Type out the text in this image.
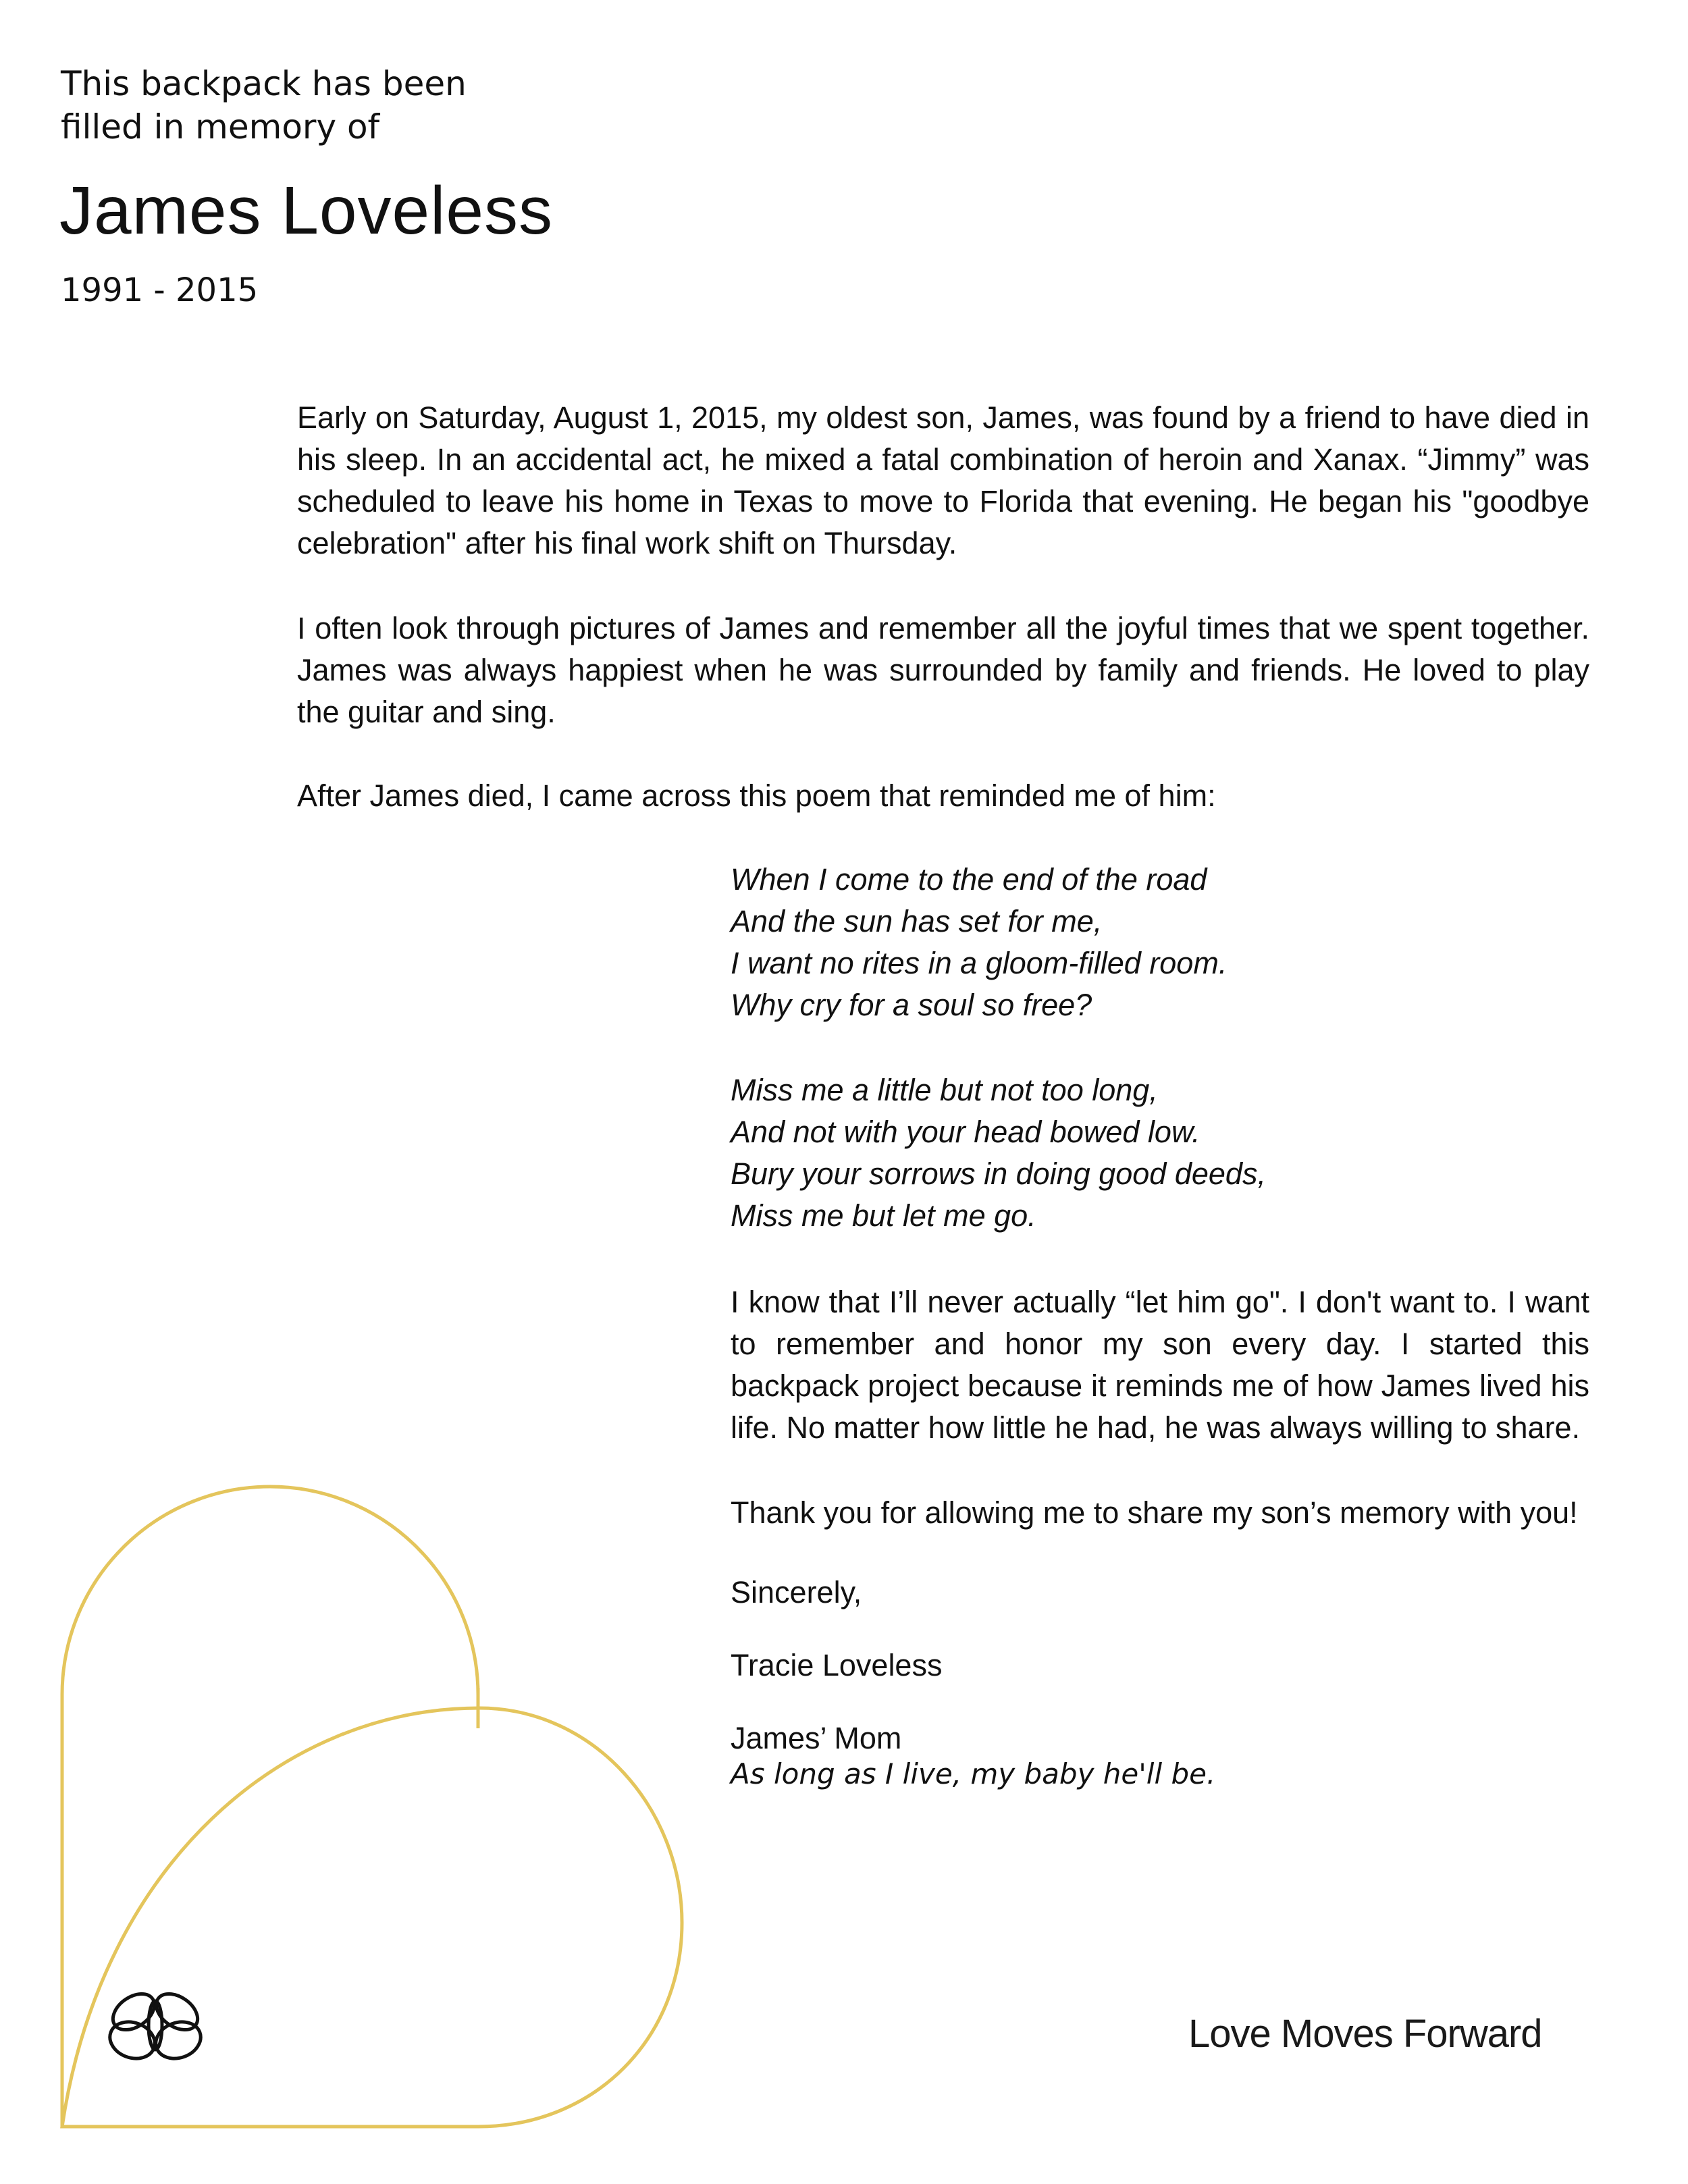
This backpack has been
filled in memory of
James Loveless
1991 - 2015

Early on Saturday, August 1, 2015, my oldest son, James, was found by a friend to have died in his sleep. In an accidental act, he mixed a fatal combination of heroin and Xanax. “Jimmy” was scheduled to leave his home in Texas to move to Florida that evening. He began his "goodbye celebration" after his final work shift on Thursday.

I often look through pictures of James and remember all the joyful times that we spent together. James was always happiest when he was surrounded by family and friends. He loved to play the guitar and sing.

After James died, I came across this poem that reminded me of him:

When I come to the end of the road
And the sun has set for me,
I want no rites in a gloom-filled room.
Why cry for a soul so free?
Miss me a little but not too long,
And not with your head bowed low.
Bury your sorrows in doing good deeds,
Miss me but let me go.

I know that I’ll never actually “let him go". I don't want to. I want to remember and honor my son every day. I started this backpack project because it reminds me of how James lived his life. No matter how little he had, he was always willing to share.

Thank you for allowing me to share my son’s memory with you!

Sincerely,
Tracie Loveless
James’ Mom
As long as I live, my baby he'll be.
Love Moves Forward
